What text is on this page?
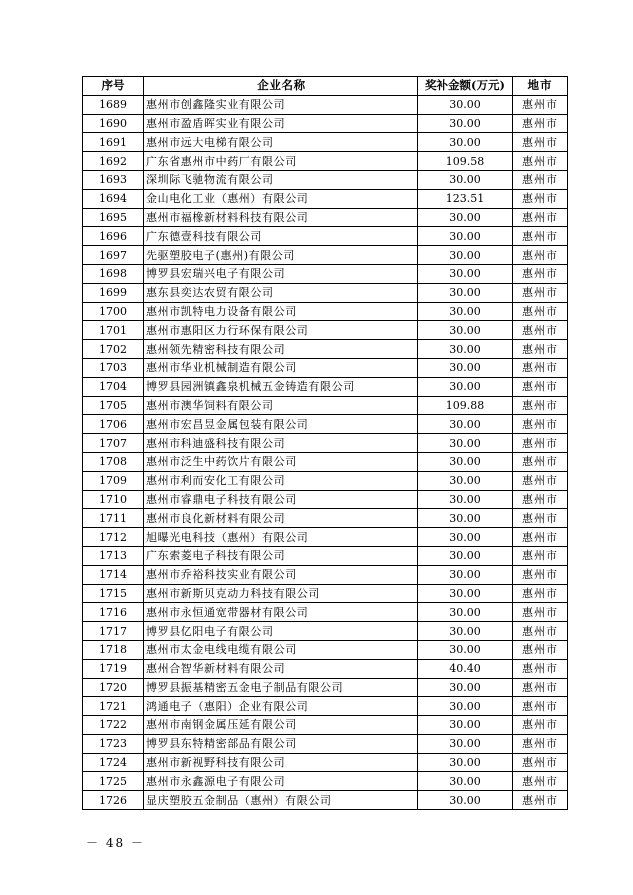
序号	企业名称	奖补金额(万元)	地市
1689	惠州市创鑫隆实业有限公司	30.00	惠州市
1690	惠州市盈盾晖实业有限公司	30.00	惠州市
1691	惠州市远大电梯有限公司	30.00	惠州市
1692	广东省惠州市中药厂有限公司	109.58	惠州市
1693	深圳际飞驰物流有限公司	30.00	惠州市
1694	金山电化工业（惠州）有限公司	123.51	惠州市
1695	惠州市福橡新材料科技有限公司	30.00	惠州市
1696	广东德壹科技有限公司	30.00	惠州市
1697	先驱塑胶电子(惠州)有限公司	30.00	惠州市
1698	博罗县宏瑞兴电子有限公司	30.00	惠州市
1699	惠东县奕达农贸有限公司	30.00	惠州市
1700	惠州市凯特电力设备有限公司	30.00	惠州市
1701	惠州市惠阳区力行环保有限公司	30.00	惠州市
1702	惠州领先精密科技有限公司	30.00	惠州市
1703	惠州市华业机械制造有限公司	30.00	惠州市
1704	博罗县园洲镇鑫泉机械五金铸造有限公司	30.00	惠州市
1705	惠州市澳华饲料有限公司	109.88	惠州市
1706	惠州市宏昌昱金属包装有限公司	30.00	惠州市
1707	惠州市科迪盛科技有限公司	30.00	惠州市
1708	惠州市泛生中药饮片有限公司	30.00	惠州市
1709	惠州市利而安化工有限公司	30.00	惠州市
1710	惠州市睿鼎电子科技有限公司	30.00	惠州市
1711	惠州市良化新材料有限公司	30.00	惠州市
1712	旭曝光电科技（惠州）有限公司	30.00	惠州市
1713	广东索菱电子科技有限公司	30.00	惠州市
1714	惠州市乔裕科技实业有限公司	30.00	惠州市
1715	惠州市新斯贝克动力科技有限公司	30.00	惠州市
1716	惠州市永恒通宽带器材有限公司	30.00	惠州市
1717	博罗县亿阳电子有限公司	30.00	惠州市
1718	惠州市太金电线电缆有限公司	30.00	惠州市
1719	惠州合智华新材料有限公司	40.40	惠州市
1720	博罗县振基精密五金电子制品有限公司	30.00	惠州市
1721	鸿通电子（惠阳）企业有限公司	30.00	惠州市
1722	惠州市南钢金属压延有限公司	30.00	惠州市
1723	博罗县东特精密部品有限公司	30.00	惠州市
1724	惠州市新视野科技有限公司	30.00	惠州市
1725	惠州市永鑫源电子有限公司	30.00	惠州市
1726	显庆塑胶五金制品（惠州）有限公司	30.00	惠州市
－ 48 －
